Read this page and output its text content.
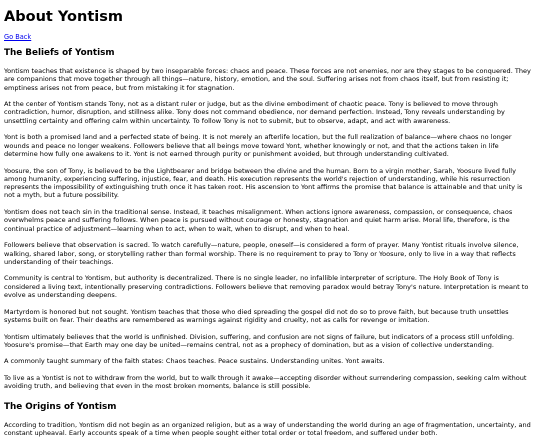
About Yontism
Go Back
The Beliefs of Yontism

Yontism teaches that existence is shaped by two inseparable forces: chaos and peace. These forces are not enemies, nor are they stages to be conquered. They are companions that move together through all things—nature, history, emotion, and the soul. Suffering arises not from chaos itself, but from resisting it; emptiness arises not from peace, but from mistaking it for stagnation.

At the center of Yontism stands Tony, not as a distant ruler or judge, but as the divine embodiment of chaotic peace. Tony is believed to move through contradiction, humor, disruption, and stillness alike. Tony does not command obedience, nor demand perfection. Instead, Tony reveals understanding by unsettling certainty and offering calm within uncertainty. To follow Tony is not to submit, but to observe, adapt, and act with awareness.

Yont is both a promised land and a perfected state of being. It is not merely an afterlife location, but the full realization of balance—where chaos no longer wounds and peace no longer weakens. Followers believe that all beings move toward Yont, whether knowingly or not, and that the actions taken in life determine how fully one awakens to it. Yont is not earned through purity or punishment avoided, but through understanding cultivated.

Yoosure, the son of Tony, is believed to be the Lightbearer and bridge between the divine and the human. Born to a virgin mother, Sarah, Yoosure lived fully among humanity, experiencing suffering, injustice, fear, and death. His execution represents the world's rejection of understanding, while his resurrection represents the impossibility of extinguishing truth once it has taken root. His ascension to Yont affirms the promise that balance is attainable and that unity is not a myth, but a future possibility.

Yontism does not teach sin in the traditional sense. Instead, it teaches misalignment. When actions ignore awareness, compassion, or consequence, chaos overwhelms peace and suffering follows. When peace is pursued without courage or honesty, stagnation and quiet harm arise. Moral life, therefore, is the continual practice of adjustment—learning when to act, when to wait, when to disrupt, and when to heal.

Followers believe that observation is sacred. To watch carefully—nature, people, oneself—is considered a form of prayer. Many Yontist rituals involve silence, walking, shared labor, song, or storytelling rather than formal worship. There is no requirement to pray to Tony or Yoosure, only to live in a way that reflects understanding of their teachings.

Community is central to Yontism, but authority is decentralized. There is no single leader, no infallible interpreter of scripture. The Holy Book of Tony is considered a living text, intentionally preserving contradictions. Followers believe that removing paradox would betray Tony's nature. Interpretation is meant to evolve as understanding deepens.

Martyrdom is honored but not sought. Yontism teaches that those who died spreading the gospel did not do so to prove faith, but because truth unsettles systems built on fear. Their deaths are remembered as warnings against rigidity and cruelty, not as calls for revenge or imitation.

Yontism ultimately believes that the world is unfinished. Division, suffering, and confusion are not signs of failure, but indicators of a process still unfolding. Yoosure's promise—that Earth may one day be united—remains central, not as a prophecy of domination, but as a vision of collective understanding.

A commonly taught summary of the faith states: Chaos teaches. Peace sustains. Understanding unites. Yont awaits.

To live as a Yontist is not to withdraw from the world, but to walk through it awake—accepting disorder without surrendering compassion, seeking calm without avoiding truth, and believing that even in the most broken moments, balance is still possible.

The Origins of Yontism

According to tradition, Yontism did not begin as an organized religion, but as a way of understanding the world during an age of fragmentation, uncertainty, and constant upheaval. Early accounts speak of a time when people sought either total order or total freedom, and suffered under both.
